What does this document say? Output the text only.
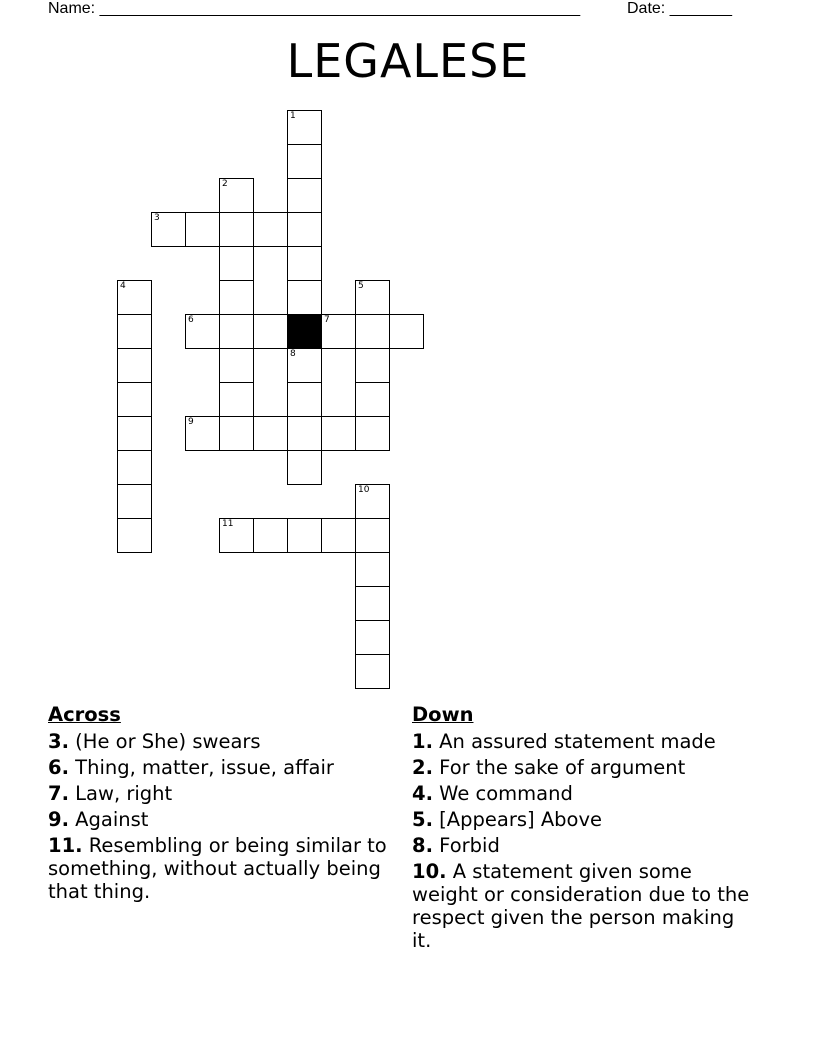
Name: ______________________________________________________	Date: _______
LEGALESE
1
2
3
4	5
6	7
8
9
10
11
Across
3. (He or She) swears
6. Thing, matter, issue, affair
7. Law, right
9. Against
11. Resembling or being similar to something, without actually being that thing.
Down
1. An assured statement made
2. For the sake of argument
4. We command
5. [Appears] Above
8. Forbid
10. A statement given some weight or consideration due to the respect given the person making it.
